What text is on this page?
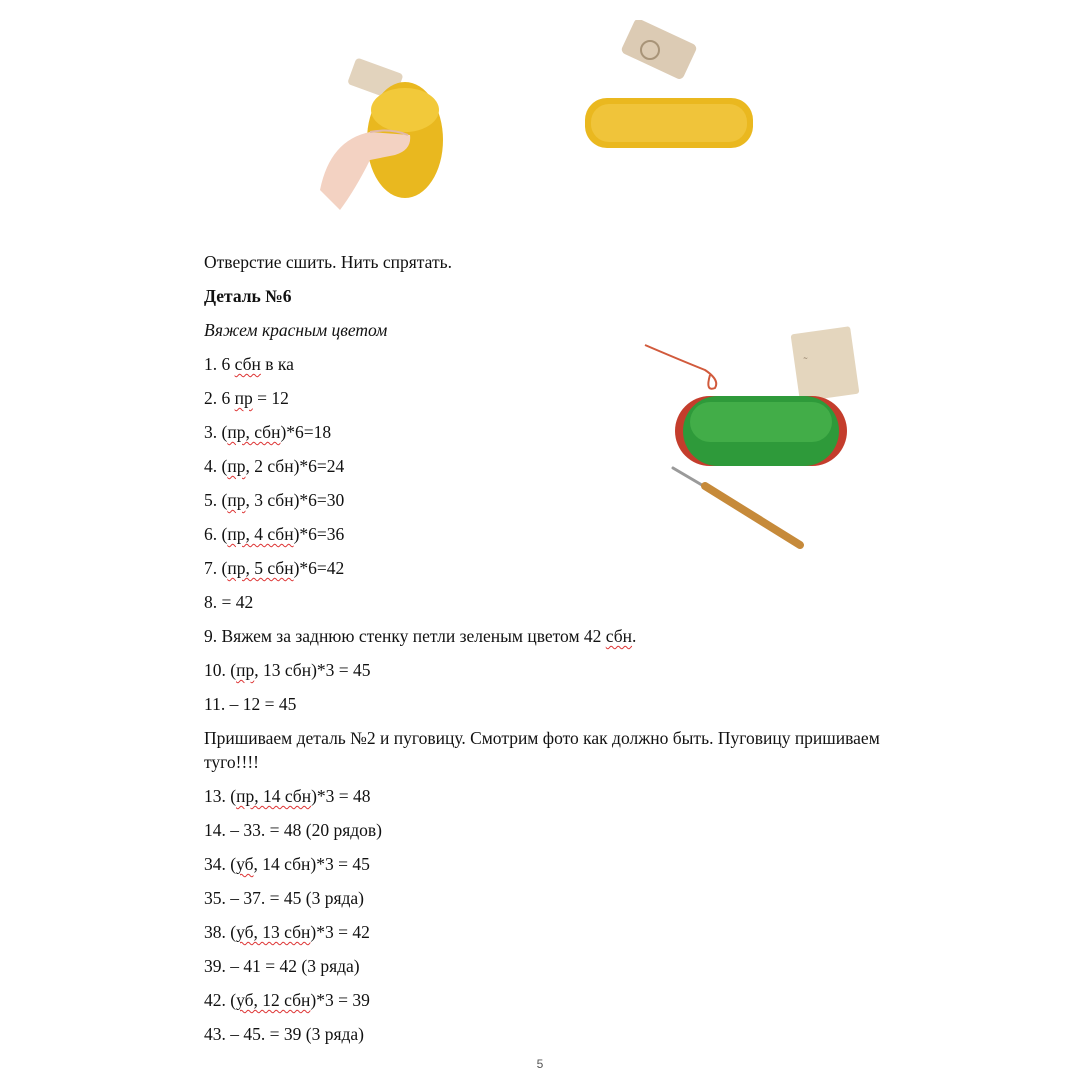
~
Отверстие сшить. Нить спрятать.
Деталь №6
Вяжем красным цветом
1. 6 сбн в ка
2. 6 пр = 12
3. (пр, сбн)*6=18
4. (пр, 2 сбн)*6=24
5. (пр, 3 сбн)*6=30
6. (пр, 4 сбн)*6=36
7. (пр, 5 сбн)*6=42
8. = 42
9. Вяжем за заднюю стенку петли зеленым цветом 42 сбн.
10. (пр, 13 сбн)*3 = 45
11. – 12 = 45
Пришиваем деталь №2 и пуговицу. Смотрим фото как должно быть. Пуговицу пришиваем туго!!!!
13. (пр, 14 сбн)*3 = 48
14. – 33. = 48 (20 рядов)
34. (уб, 14 сбн)*3 = 45
35. – 37. = 45 (3 ряда)
38. (уб, 13 сбн)*3 = 42
39. – 41 = 42 (3 ряда)
42. (уб, 12 сбн)*3 = 39
43. – 45. = 39 (3 ряда)
5
